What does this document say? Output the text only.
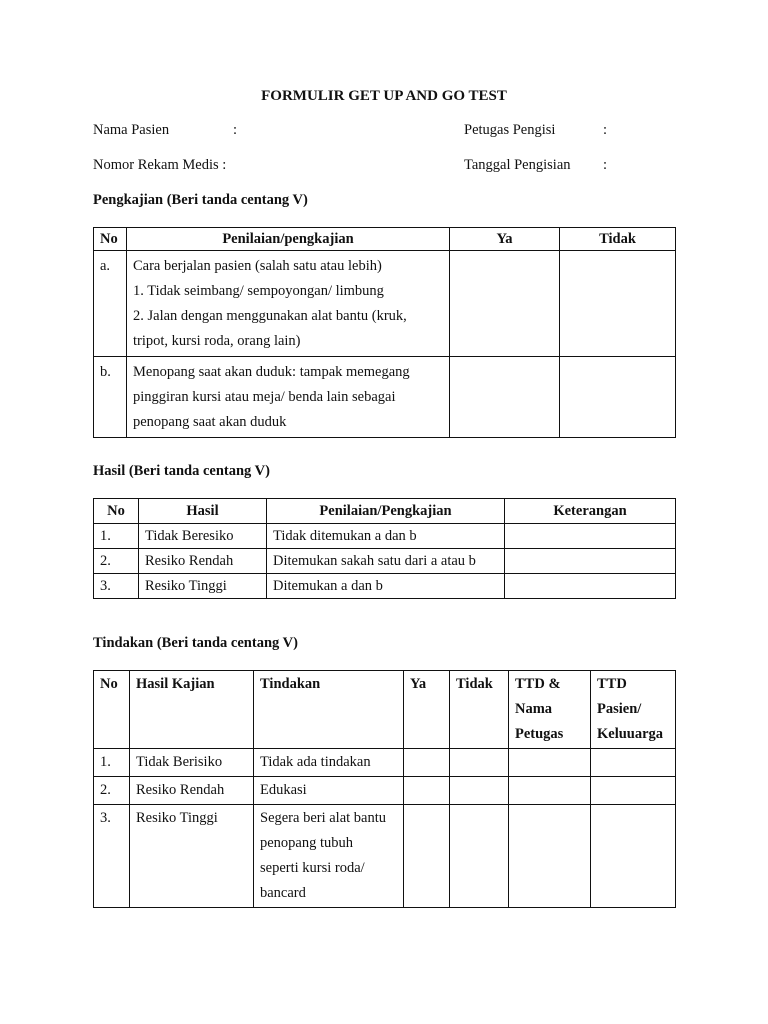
FORMULIR GET UP AND GO TEST
Nama Pasien	:	Petugas Pengisi	:
Nomor Rekam Medis :	Tanggal Pengisian :
Pengkajian (Beri tanda centang V)
No	Penilaian/pengkajian	Ya	Tidak
a.	Cara berjalan pasien (salah satu atau lebih)
1. Tidak seimbang/ sempoyongan/ limbung
2. Jalan dengan menggunakan alat bantu (kruk,
tripot, kursi roda, orang lain)		

b.	Menopang saat akan duduk: tampak memegang
pinggiran kursi atau meja/ benda lain sebagai
penopang saat akan duduk		

Hasil (Beri tanda centang V)
No	Hasil	Penilaian/Pengkajian	Keterangan
1.	Tidak Beresiko	Tidak ditemukan a dan b	
2.	Resiko Rendah	Ditemukan sakah satu dari a atau b	
3.	Resiko Tinggi	Ditemukan a dan b	
Tindakan (Beri tanda centang V)
No	Hasil Kajian	Tindakan	Ya	Tidak	TTD &
Nama
Petugas	TTD
Pasien/
Keluuarga

1.	Tidak Berisiko	Tidak ada tindakan				

2.	Resiko Rendah	Edukasi				

3.	Resiko Tinggi	Segera beri alat bantu
penopang tubuh
seperti kursi roda/
bancard				
